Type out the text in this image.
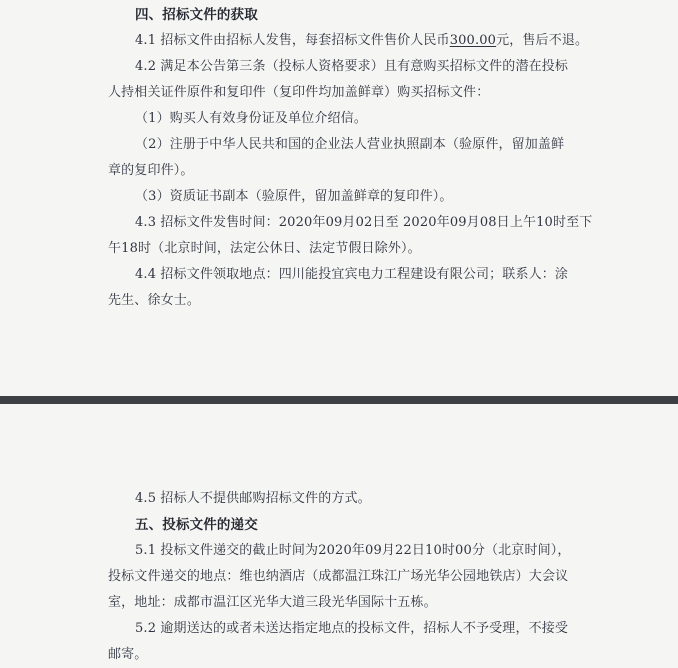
四、招标文件的获取
4.1 招标文件由招标人发售，每套招标文件售价人民币300.00元，售后不退。
4.2 满足本公告第三条（投标人资格要求）且有意购买招标文件的潜在投标
人持相关证件原件和复印件（复印件均加盖鲜章）购买招标文件：
（1）购买人有效身份证及单位介绍信。
（2）注册于中华人民共和国的企业法人营业执照副本（验原件，留加盖鲜
章的复印件）。
（3）资质证书副本（验原件，留加盖鲜章的复印件）。
4.3 招标文件发售时间：2020年09月02日至 2020年09月08日上午10时至下
午18时（北京时间，法定公休日、法定节假日除外）。
4.4 招标文件领取地点：四川能投宜宾电力工程建设有限公司；联系人：涂
先生、徐女士。
4.5 招标人不提供邮购招标文件的方式。
五、投标文件的递交
5.1 投标文件递交的截止时间为2020年09月22日10时00分（北京时间），
投标文件递交的地点：维也纳酒店（成都温江珠江广场光华公园地铁店）大会议
室，地址：成都市温江区光华大道三段光华国际十五栋。
5.2 逾期送达的或者未送达指定地点的投标文件，招标人不予受理，不接受
邮寄。
